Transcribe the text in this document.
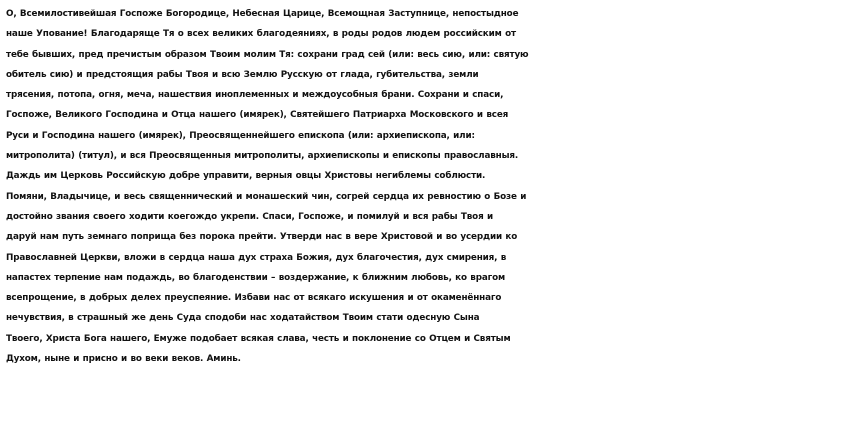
О, Всемилостивейшая Госпоже Богородице, Небесная Царице, Всемощная Заступнице, непостыдное
наше Упование! Благодаряще Тя о всех великих благодеяниях, в роды родов людем российским от
тебе бывших, пред пречистым образом Твоим молим Тя: сохрани град сей (или: весь сию, или: святую
обитель сию) и предстоящия рабы Твоя и всю Землю Русскую от глада, губительства, земли
трясения, потопа, огня, меча, нашествия иноплеменных и междоусобныя брани. Сохрани и спаси,
Госпоже, Великого Господина и Отца нашего (имярек), Святейшего Патриарха Московского и всея
Руси и Господина нашего (имярек), Преосвященнейшего епископа (или: архиепископа, или:
митрополита) (титул), и вся Преосвященныя митрополиты, архиепископы и епископы православныя.
Даждь им Церковь Российскую добре управити, верныя овцы Христовы негиблемы соблюсти.
Помяни, Владычице, и весь священнический и монашеский чин, согрей сердца их ревностию о Бозе и
достойно звания своего ходити коегождо укрепи. Спаси, Госпоже, и помилуй и вся рабы Твоя и
даруй нам путь земнаго поприща без порока прейти. Утверди нас в вере Христовой и во усердии ко
Православней Церкви, вложи в сердца наша дух страха Божия, дух благочестия, дух смирения, в
напастех терпение нам подаждь, во благоденствии – воздержание, к ближним любовь, ко врагом
всепрощение, в добрых делех преуспеяние. Избави нас от всякаго искушения и от окаменённаго
нечувствия, в страшный же день Суда сподоби нас ходатайством Твоим стати одесную Сына
Твоего, Христа Бога нашего, Емуже подобает всякая слава, честь и поклонение со Отцем и Святым
Духом, ныне и присно и во веки веков. Аминь.
